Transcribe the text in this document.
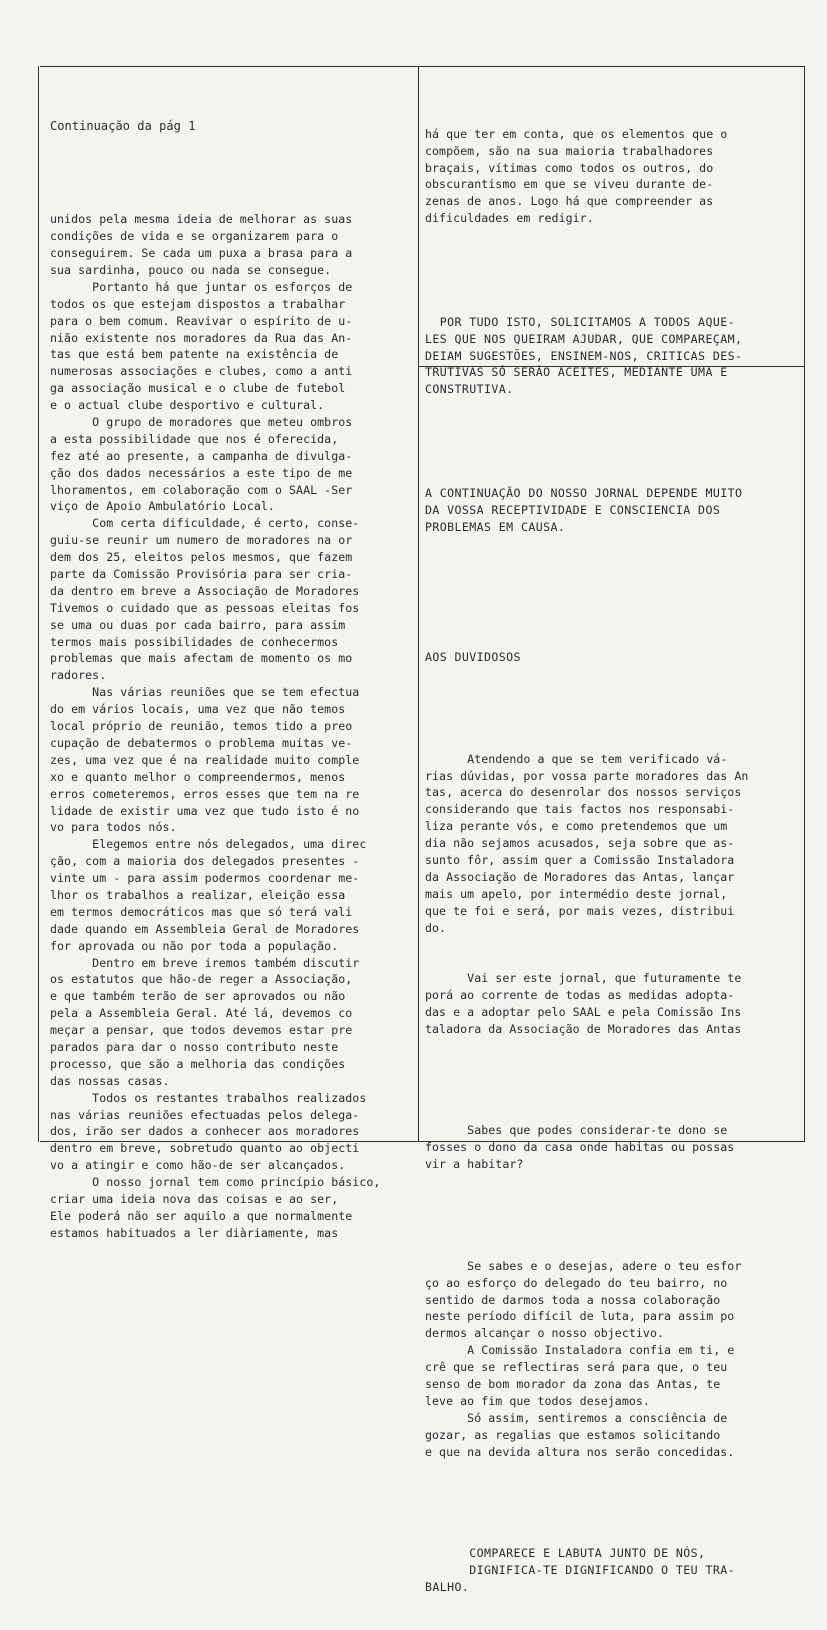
Continuação da pág 1

unidos pela mesma ideia de melhorar as suas
condições de vida e se organizarem para o
conseguirem. Se cada um puxa a brasa para a
sua sardinha, pouco ou nada se consegue.
Portanto há que juntar os esforços de
todos os que estejam dispostos a trabalhar
para o bem comum. Reavivar o espírito de u-
nião existente nos moradores da Rua das An-
tas que está bem patente na existência de
numerosas associações e clubes, como a anti
ga associação musical e o clube de futebol
e o actual clube desportivo e cultural.
O grupo de moradores que meteu ombros
a esta possibilidade que nos é oferecida,
fez até ao presente, a campanha de divulga-
ção dos dados necessários a este tipo de me
lhoramentos, em colaboração com o SAAL -Ser
viço de Apoio Ambulatório Local.
Com certa dificuldade, é certo, conse-
guiu-se reunir um numero de moradores na or
dem dos 25, eleitos pelos mesmos, que fazem
parte da Comissão Provisória para ser cria-
da dentro em breve a Associação de Moradores
Tivemos o cuidado que as pessoas eleitas fos
se uma ou duas por cada bairro, para assim
termos mais possibilidades de conhecermos
problemas que mais afectam de momento os mo
radores.
Nas várias reuniões que se tem efectua
do em vários locais, uma vez que não temos
local próprio de reunião, temos tido a preo
cupação de debatermos o problema muitas ve-
zes, uma vez que é na realidade muito comple
xo e quanto melhor o compreendermos, menos
erros cometeremos, erros esses que tem na re
lidade de existir uma vez que tudo isto é no
vo para todos nós.
Elegemos entre nós delegados, uma direc
ção, com a maioria dos delegados presentes -
vinte um - para assim podermos coordenar me-
lhor os trabalhos a realizar, eleição essa
em termos democráticos mas que só terá vali
dade quando em Assembleia Geral de Moradores
for aprovada ou não por toda a população.
Dentro em breve iremos também discutir
os estatutos que hão-de reger a Associação,
e que também terão de ser aprovados ou não
pela a Assembleia Geral. Até lá, devemos co
meçar a pensar, que todos devemos estar pre
parados para dar o nosso contributo neste
processo, que são a melhoria das condições
das nossas casas.
Todos os restantes trabalhos realizados
nas várias reuniões efectuadas pelos delega-
dos, irão ser dados a conhecer aos moradores
dentro em breve, sobretudo quanto ao objecti
vo a atingir e como hão-de ser alcançados.
O nosso jornal tem como princípio básico,
criar uma ideia nova das coisas e ao ser,
Ele poderá não ser aquilo a que normalmente
estamos habituados a ler diàriamente, mas

há que ter em conta, que os elementos que o
compõem, são na sua maioria trabalhadores
braçais, vítimas como todos os outros, do
obscurantismo em que se viveu durante de-
zenas de anos. Logo há que compreender as
dificuldades em redigir.

POR TUDO ISTO, SOLICITAMOS A TODOS AQUE-
LES QUE NOS QUEIRAM AJUDAR, QUE COMPAREÇAM,
DEIAM SUGESTÕES, ENSINEM-NOS, CRITICAS DES-
TRUTIVAS SÓ SERÃO ACEITES, MEDIANTE UMA E
CONSTRUTIVA.

A CONTINUAÇÃO DO NOSSO JORNAL DEPENDE MUITO
DA VOSSA RECEPTIVIDADE E CONSCIENCIA DOS
PROBLEMAS EM CAUSA.

AOS DUVIDOSOS

Atendendo a que se tem verificado vá-
rias dúvidas, por vossa parte moradores das An
tas, acerca do desenrolar dos nossos serviços
considerando que tais factos nos responsabi-
liza perante vós, e como pretendemos que um
dia não sejamos acusados, seja sobre que as-
sunto fôr, assim quer a Comissão Instaladora
da Associação de Moradores das Antas, lançar
mais um apelo, por intermédio deste jornal,
que te foi e será, por mais vezes, distribui
do.

Vai ser este jornal, que futuramente te
porá ao corrente de todas as medidas adopta-
das e a adoptar pelo SAAL e pela Comissão Ins
taladora da Associação de Moradores das Antas

Sabes que podes considerar-te dono se
fosses o dono da casa onde habitas ou possas
vir a habitar?

Se sabes e o desejas, adere o teu esfor
ço ao esforço do delegado do teu bairro, no
sentido de darmos toda a nossa colaboração
neste período difícil de luta, para assim po
dermos alcançar o nosso objectivo.
A Comissão Instaladora confia em ti, e
crê que se reflectiras será para que, o teu
senso de bom morador da zona das Antas, te
leve ao fim que todos desejamos.
Só assim, sentiremos a consciência de
gozar, as regalias que estamos solicitando
e que na devida altura nos serão concedidas.

COMPARECE E LABUTA JUNTO DE NÓS,
DIGNIFICA-TE DIGNIFICANDO O TEU TRA-
BALHO.
